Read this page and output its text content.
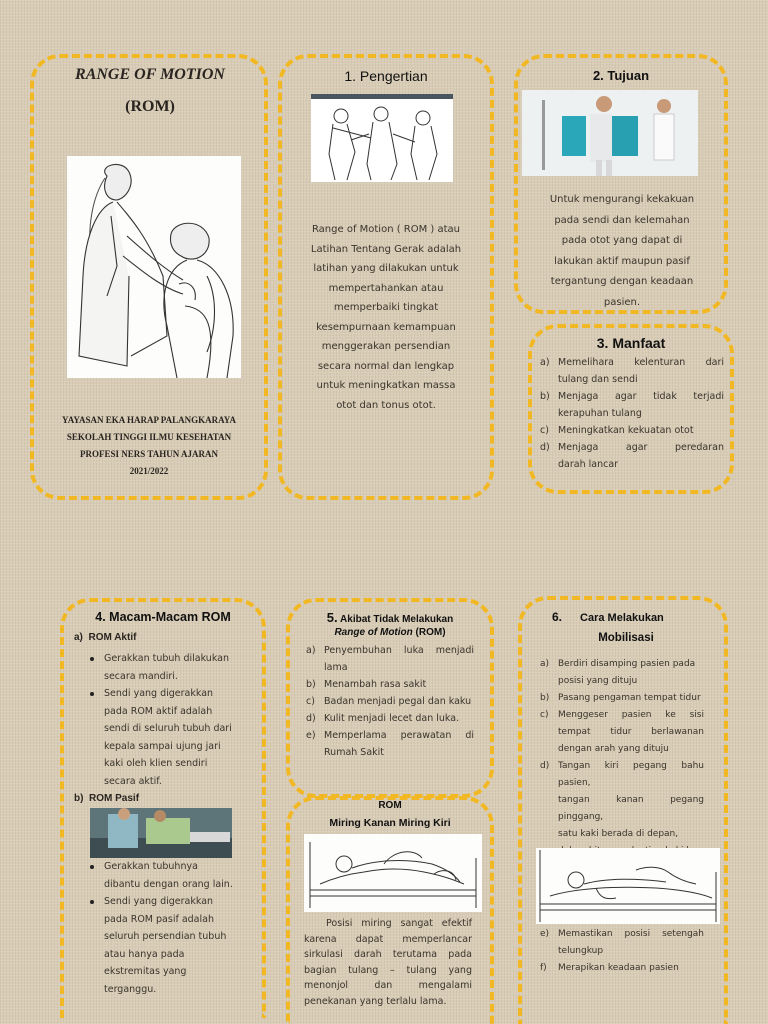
RANGE OF MOTION
(ROM)
YAYASAN EKA HARAP PALANGKARAYA
SEKOLAH TINGGI ILMU KESEHATAN
PROFESI NERS TAHUN AJARAN
2021/2022
1. Pengertian
Range of Motion ( ROM ) atau
Latihan Tentang Gerak adalah
latihan yang dilakukan untuk
mempertahankan atau
memperbaiki tingkat
kesempurnaan kemampuan
menggerakan persendian
secara normal dan lengkap
untuk meningkatkan massa
otot dan tonus otot.
2. Tujuan
Untuk mengurangi kekakuan
pada sendi dan kelemahan
pada otot yang dapat di
lakukan aktif maupun pasif
tergantung dengan keadaan
pasien.
3. Manfaat
a) Memelihara kelenturan dari
tulang dan sendi
b) Menjaga agar tidak terjadi
kerapuhan tulang
c) Meningkatkan kekuatan otot
d) Menjaga agar peredaran
darah lancar
4. Macam-Macam ROM
a) ROM Aktif
Gerakkan tubuh dilakukan
secara mandiri.
Sendi yang digerakkan
pada ROM aktif adalah
sendi di seluruh tubuh dari
kepala sampai ujung jari
kaki oleh klien sendiri
secara aktif.
b) ROM Pasif
Gerakkan tubuhnya
dibantu dengan orang lain.
Sendi yang digerakkan
pada ROM pasif adalah
seluruh persendian tubuh
atau hanya pada
ekstremitas yang
terganggu.
5. Akibat Tidak Melakukan
Range of Motion (ROM)
a) Penyembuhan luka menjadi
lama
b) Menambah rasa sakit
c) Badan menjadi pegal dan kaku
d) Kulit menjadi lecet dan luka.
e) Memperlama perawatan di
Rumah Sakit
ROM
Miring Kanan Miring Kiri
Posisi miring sangat efektif
karena dapat memperlancar
sirkulasi darah terutama pada
bagian tulang – tulang yang
menonjol dan mengalami
penekanan yang terlalu lama.
6. Cara Melakukan
Mobilisasi
a) Berdiri disamping pasien pada
posisi yang dituju
b) Pasang pengaman tempat tidur
c) Menggeser pasien ke sisi
tempat tidur berlawanan
dengan arah yang dituju
d) Tangan kiri pegang bahu pasien,
tangan kanan pegang pinggang,
satu kaki berada di depan,
e) Memastikan posisi setengah
telungkup
f) Merapikan keadaan pasien
